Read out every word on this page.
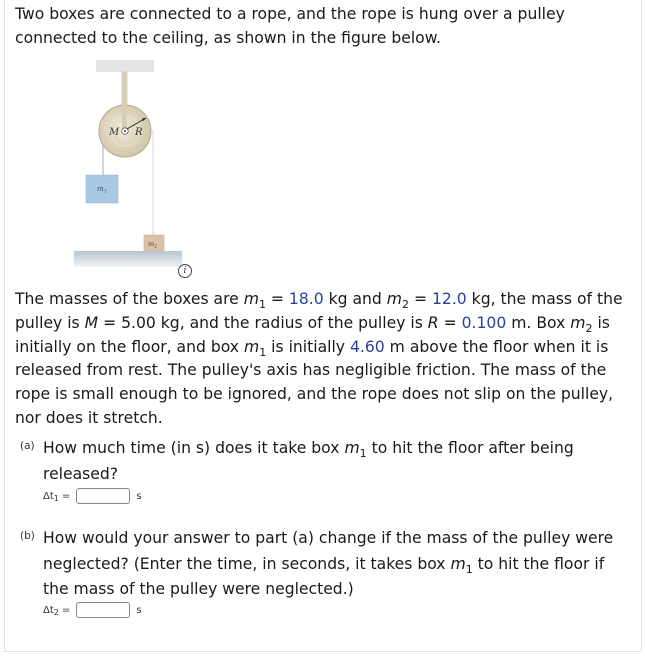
Two boxes are connected to a rope, and the rope is hung over a pulley connected to the ceiling, as shown in the figure below.
M R
$m_1$
$m_2$
i
The masses of the boxes are $m_1 = 18.0$ kg and $m_2 = 12.0$ kg, the mass of the pulley is M = 5.00 kg, and the radius of the pulley is R = 0.100 m. Box $m_2$ is initially on the floor, and box $m_1$ is initially 4.60 m above the floor when it is released from rest. The pulley's axis has negligible friction. The mass of the rope is small enough to be ignored, and the rope does not slip on the pulley, nor does it stretch.
(a) How much time (in s) does it take box $m_1$ to hit the floor after being released?
$\Delta t_1$ =	s
(b) How would your answer to part (a) change if the mass of the pulley were neglected? (Enter the time, in seconds, it takes box $m_1$ to hit the floor if the mass of the pulley were neglected.)
$\Delta t_2$ =	s
